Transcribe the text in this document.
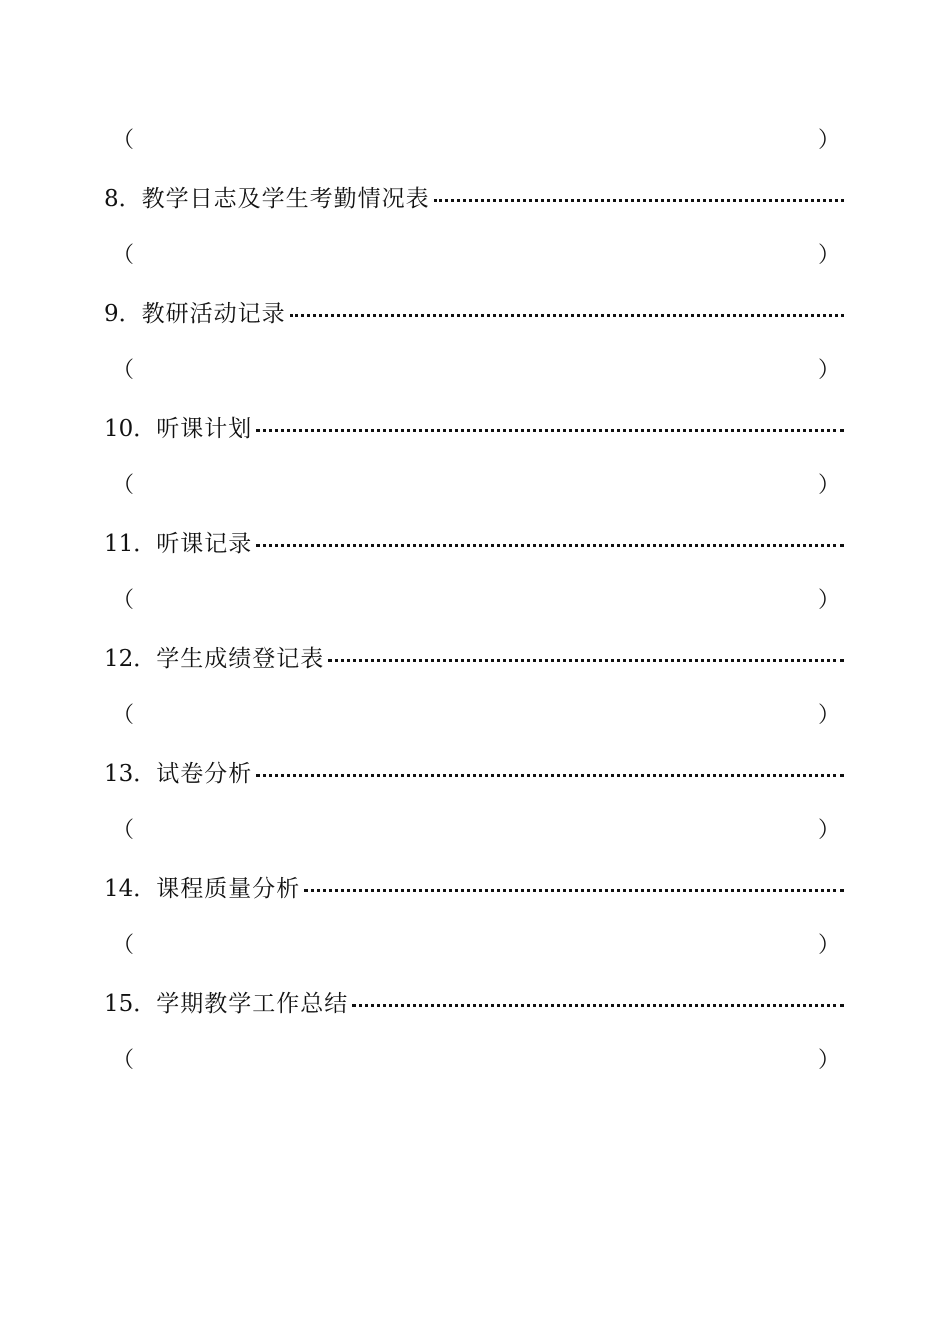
（	）
8． 教学日志及学生考勤情况表
（	）
9． 教研活动记录
（	）
10． 听课计划
（	）
11． 听课记录
（	）
12． 学生成绩登记表
（	）
13． 试卷分析
（	）
14． 课程质量分析
（	）
15． 学期教学工作总结
（	）
